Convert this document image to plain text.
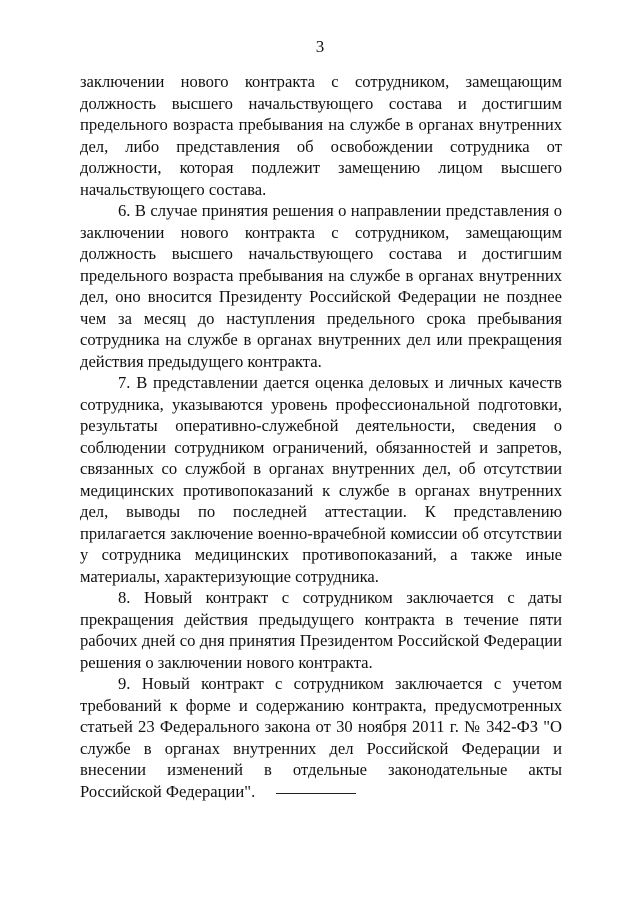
3

заключении нового контракта с сотрудником, замещающим должность высшего начальствующего состава и достигшим предельного возраста пребывания на службе в органах внутренних дел, либо представления об освобождении сотрудника от должности, которая подлежит замещению лицом высшего начальствующего состава.

6. В случае принятия решения о направлении представления о заключении нового контракта с сотрудником, замещающим должность высшего начальствующего состава и достигшим предельного возраста пребывания на службе в органах внутренних дел, оно вносится Президенту Российской Федерации не позднее чем за месяц до наступления предельного срока пребывания сотрудника на службе в органах внутренних дел или прекращения действия предыдущего контракта.

7. В представлении дается оценка деловых и личных качеств сотрудника, указываются уровень профессиональной подготовки, результаты оперативно-служебной деятельности, сведения о соблюдении сотрудником ограничений, обязанностей и запретов, связанных со службой в органах внутренних дел, об отсутствии медицинских противопоказаний к службе в органах внутренних дел, выводы по последней аттестации. К представлению прилагается заключение военно-врачебной комиссии об отсутствии у сотрудника медицинских противопоказаний, а также иные материалы, характеризующие сотрудника.

8. Новый контракт с сотрудником заключается с даты прекращения действия предыдущего контракта в течение пяти рабочих дней со дня принятия Президентом Российской Федерации решения о заключении нового контракта.

9. Новый контракт с сотрудником заключается с учетом требований к форме и содержанию контракта, предусмотренных статьей 23 Федерального закона от 30 ноября 2011 г. № 342-ФЗ "О службе в органах внутренних дел Российской Федерации и внесении изменений в отдельные законодательные акты Российской Федерации".
